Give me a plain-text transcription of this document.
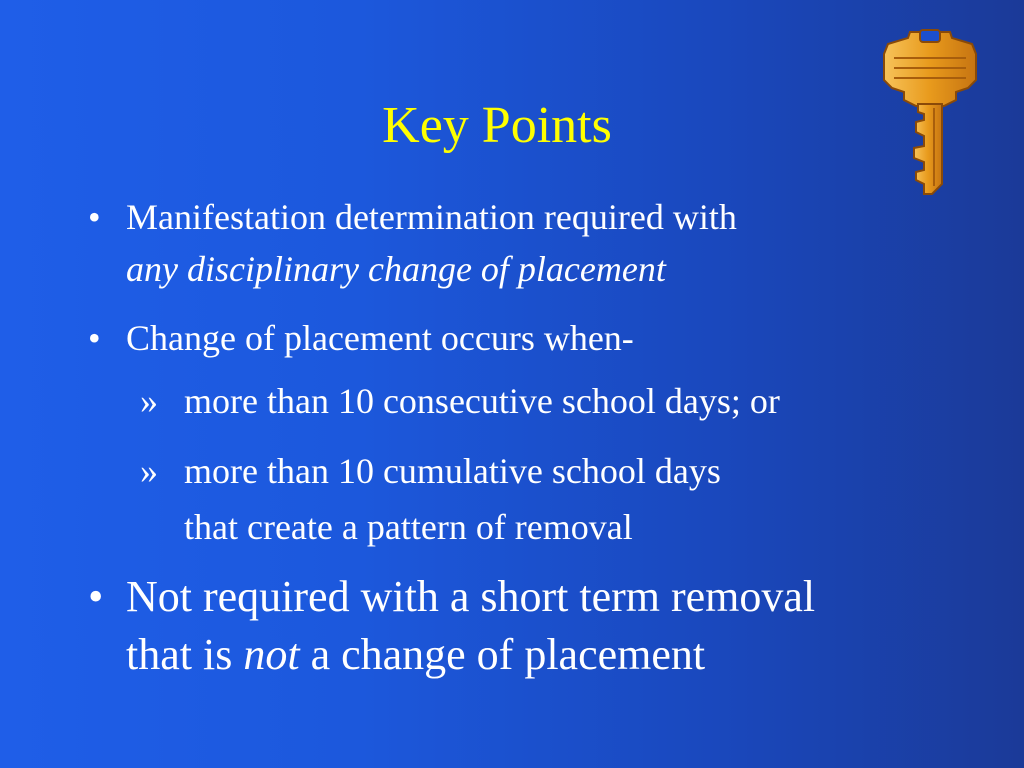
Key Points
• Manifestation determination required with
any disciplinary change of placement
• Change of placement occurs when-
» more than 10 consecutive school days; or
» more than 10 cumulative school days
that create a pattern of removal
• Not required with a short term removal
that is not a change of placement
